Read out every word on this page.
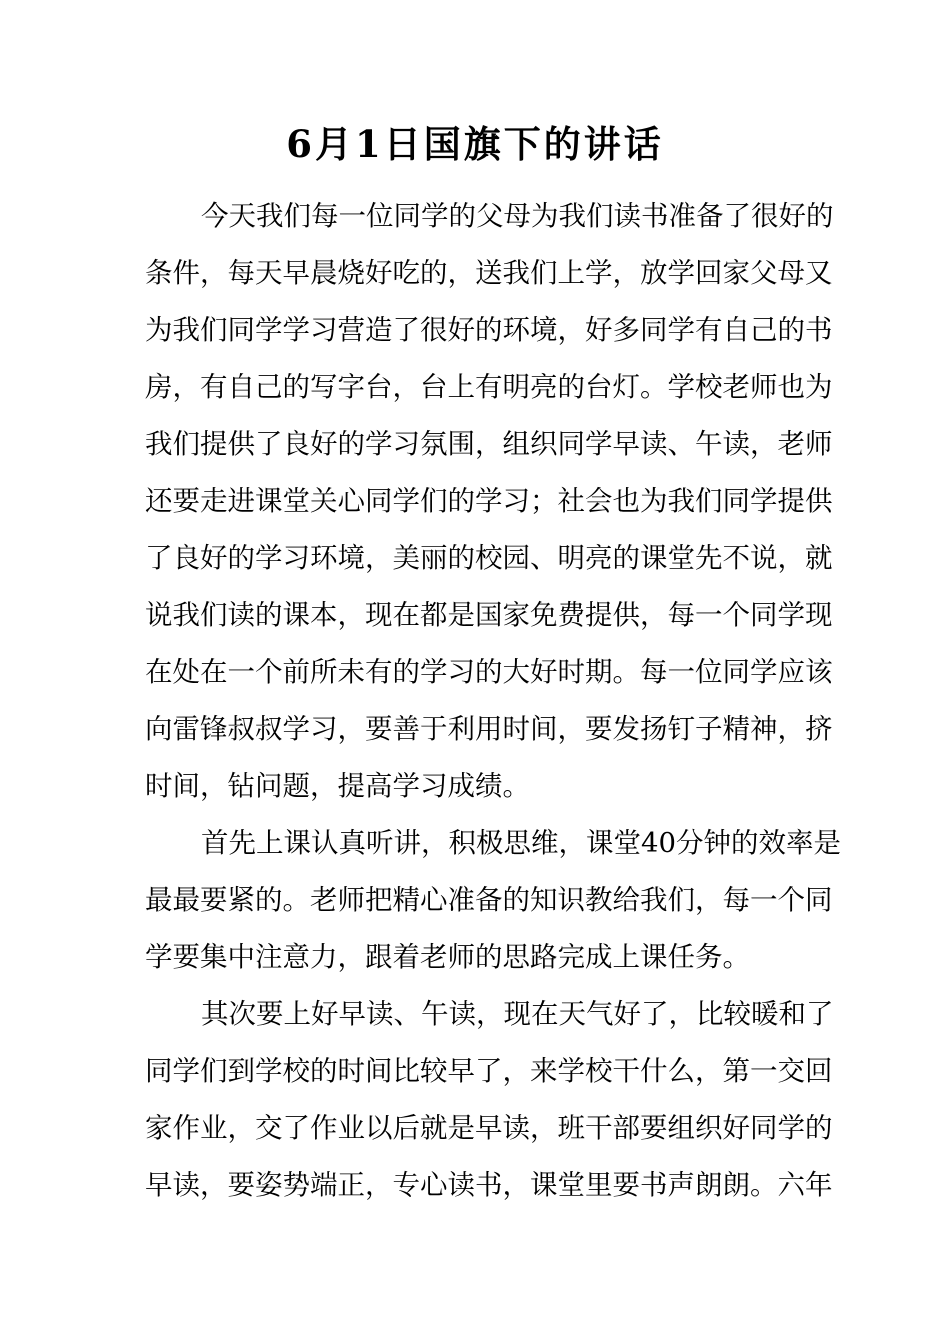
6月1日国旗下的讲话
今天我们每一位同学的父母为我们读书准备了很好的
条件，每天早晨烧好吃的，送我们上学，放学回家父母又
为我们同学学习营造了很好的环境，好多同学有自己的书
房，有自己的写字台，台上有明亮的台灯。学校老师也为
我们提供了良好的学习氛围，组织同学早读、午读，老师
还要走进课堂关心同学们的学习；社会也为我们同学提供
了良好的学习环境，美丽的校园、明亮的课堂先不说，就
说我们读的课本，现在都是国家免费提供，每一个同学现
在处在一个前所未有的学习的大好时期。每一位同学应该
向雷锋叔叔学习，要善于利用时间，要发扬钉子精神，挤
时间，钻问题，提高学习成绩。
首先上课认真听讲，积极思维，课堂40分钟的效率是
最最要紧的。老师把精心准备的知识教给我们，每一个同
学要集中注意力，跟着老师的思路完成上课任务。
其次要上好早读、午读，现在天气好了，比较暖和了
同学们到学校的时间比较早了，来学校干什么，第一交回
家作业，交了作业以后就是早读，班干部要组织好同学的
早读，要姿势端正，专心读书，课堂里要书声朗朗。六年
